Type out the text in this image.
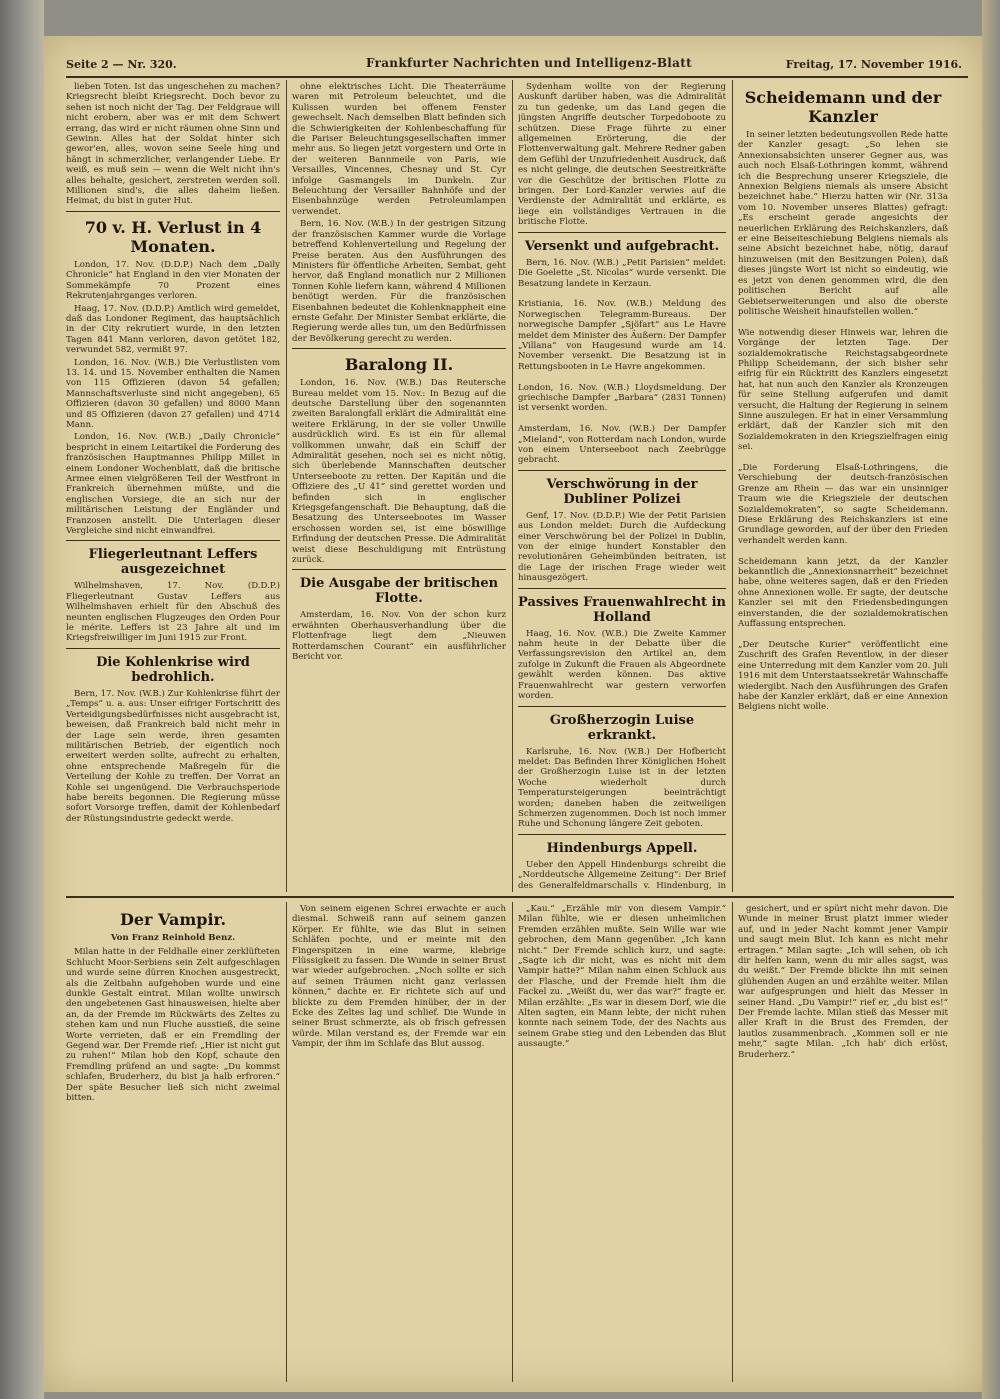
Seite 2 — Nr. 320.	Frankfurter Nachrichten und Intelligenz-Blatt	Freitag, 17. November 1916.

lieben Toten. Ist das ungeschehen zu machen? Kriegsrecht bleibt Kriegsrecht. Doch bevor zu sehen ist noch nicht der Tag. Der Feldgraue will nicht erobern, aber was er mit dem Schwert errang, das wird er nicht räumen ohne Sinn und Gewinn. Alles hat der Soldat hinter sich gewor'en, alles, wovon seine Seele hing und hängt in schmerzlicher, verlangender Liebe. Er weiß, es muß sein — wenn die Welt nicht ihn's alles behalte, gesichert, zerstreten werden soll. Millionen sind's, die alles daheim ließen. Heimat, du bist in guter Hut.

70 v. H. Verlust in 4 Monaten.

London, 17. Nov. (D.D.P.) Nach dem „Daily Chronicle“ hat England in den vier Monaten der Sommekämpfe 70 Prozent eines Rekrutenjahrganges verloren.

Haag, 17. Nov. (D.D.P.) Amtlich wird gemeldet, daß das Londoner Regiment, das hauptsächlich in der City rekrutiert wurde, in den letzten Tagen 841 Mann verloren, davon getötet 182, verwundet 582, vermißt 97.

London, 16. Nov. (W.B.) Die Verlustlisten vom 13. 14. und 15. November enthalten die Namen von 115 Offizieren (davon 54 gefallen; Mannschaftsverluste sind nicht angegeben), 65 Offizieren (davon 30 gefallen) und 8000 Mann und 85 Offizieren (davon 27 gefallen) und 4714 Mann.

London, 16. Nov. (W.B.) „Daily Chronicle“ bespricht in einem Leitartikel die Forderung des französischen Hauptmannes Philipp Millet in einem Londoner Wochenblatt, daß die britische Armee einen vielgrößeren Teil der Westfront in Frankreich übernehmen müßte, und die englischen Vorsiege, die an sich nur der militärischen Leistung der Engländer und Franzosen anstellt. Die Unterlagen dieser Vergleiche sind nicht einwandfrei.

Fliegerleutnant Leffers ausgezeichnet

Wilhelmshaven, 17. Nov. (D.D.P.) Fliegerleutnant Gustav Leffers aus Wilhelmshaven erhielt für den Abschuß des neunten englischen Flugzeuges den Orden Pour le mérite. Leffers ist 23 Jahre alt und im Kriegsfreiwilliger im Juni 1915 zur Front.

Die Kohlenkrise wird bedrohlich.

Bern, 17. Nov. (W.B.) Zur Kohlenkrise führt der „Temps“ u. a. aus: Unser eifriger Fortschritt des Verteidigungsbedürfnisses nicht ausgebracht ist, beweisen, daß Frankreich bald nicht mehr in der Lage sein werde, ihren gesamten militärischen Betrieb, der eigentlich noch erweitert werden sollte, aufrecht zu erhalten, ohne entsprechende Maßregeln für die Verteilung der Kohle zu treffen. Der Vorrat an Kohle sei ungenügend. Die Verbrauchsperiode habe bereits begonnen. Die Regierung müsse sofort Vorsorge treffen, damit der Kohlenbedarf der Rüstungsindustrie gedeckt werde.

ohne elektrisches Licht. Die Theaterräume waren mit Petroleum beleuchtet, und die Kulissen wurden bei offenem Fenster gewechselt. Nach demselben Blatt befinden sich die Schwierigkeiten der Kohlenbeschaffung für die Pariser Beleuchtungsgesellschaften immer mehr aus. So liegen jetzt vorgestern und Orte in der weiteren Bannmeile von Paris, wie Versailles, Vincennes, Chesnay und St. Cyr infolge Gasmangels im Dunkeln. Zur Beleuchtung der Versailler Bahnhöfe und der Eisenbahnzüge werden Petroleumlampen verwendet.

Bern, 16. Nov. (W.B.) In der gestrigen Sitzung der französischen Kammer wurde die Vorlage betreffend Kohlenverteilung und Regelung der Preise beraten. Aus den Ausführungen des Ministers für öffentliche Arbeiten, Sembat, geht hervor, daß England monatlich nur 2 Millionen Tonnen Kohle liefern kann, während 4 Millionen benötigt werden. Für die französischen Eisenbahnen bedeutet die Kohlenknappheit eine ernste Gefahr. Der Minister Sembat erklärte, die Regierung werde alles tun, um den Bedürfnissen der Bevölkerung gerecht zu werden.

Baralong II.

London, 16. Nov. (W.B.) Das Reutersche Bureau meldet vom 15. Nov.: In Bezug auf die deutsche Darstellung über den sogenannten zweiten Baralongfall erklärt die Admiralität eine weitere Erklärung, in der sie voller Unwille ausdrücklich wird. Es ist ein für allemal vollkommen unwahr, daß ein Schiff der Admiralität gesehen, noch sei es nicht nötig, sich überlebende Mannschaften deutscher Unterseeboote zu retten. Der Kapitän und die Offiziere des „U 41“ sind gerettet worden und befinden sich in englischer Kriegsgefangenschaft. Die Behauptung, daß die Besatzung des Unterseebootes im Wasser erschossen worden sei, ist eine böswillige Erfindung der deutschen Presse. Die Admiralität weist diese Beschuldigung mit Entrüstung zurück.

Die Ausgabe der britischen Flotte.

Amsterdam, 16. Nov. Von der schon kurz erwähnten Oberhausverhandlung über die Flottenfrage liegt dem „Nieuwen Rotterdamschen Courant“ ein ausführlicher Bericht vor.

Sydenham wollte von der Regierung Auskunft darüber haben, was die Admiralität zu tun gedenke, um das Land gegen die jüngsten Angriffe deutscher Torpedoboote zu schützen. Diese Frage führte zu einer allgemeinen Erörterung, die der Flottenverwaltung galt. Mehrere Redner gaben dem Gefühl der Unzufriedenheit Ausdruck, daß es nicht gelinge, die deutschen Seestreitkräfte vor die Geschütze der britischen Flotte zu bringen. Der Lord-Kanzler verwies auf die Verdienste der Admiralität und erklärte, es liege ein vollständiges Vertrauen in die britische Flotte.

Versenkt und aufgebracht.

Bern, 16. Nov. (W.B.) „Petit Parisien“ meldet: Die Goelette „St. Nicolas“ wurde versenkt. Die Besatzung landete in Kerzaun.

Kristiania, 16. Nov. (W.B.) Meldung des Norwegischen Telegramm-Bureaus. Der norwegische Dampfer „Sjöfart“ aus Le Havre meldet dem Minister des Äußern: Der Dampfer „Villana“ von Haugesund wurde am 14. November versenkt. Die Besatzung ist in Rettungsbooten in Le Havre angekommen.

London, 16. Nov. (W.B.) Lloydsmeldung. Der griechische Dampfer „Barbara“ (2831 Tonnen) ist versenkt worden.

Amsterdam, 16. Nov. (W.B.) Der Dampfer „Mieland“, von Rotterdam nach London, wurde von einem Unterseeboot nach Zeebrügge gebracht.

Verschwörung in der Dubliner Polizei

Genf, 17. Nov. (D.D.P.) Wie der Petit Parisien aus London meldet: Durch die Aufdeckung einer Verschwörung bei der Polizei in Dublin, von der einige hundert Konstabler den revolutionären Geheimbünden beitraten, ist die Lage der irischen Frage wieder weit hinausgezögert.

Passives Frauenwahlrecht in Holland

Haag, 16. Nov. (W.B.) Die Zweite Kammer nahm heute in der Debatte über die Verfassungsrevision den Artikel an, dem zufolge in Zukunft die Frauen als Abgeordnete gewählt werden können. Das aktive Frauenwahlrecht war gestern verworfen worden.

Großherzogin Luise erkrankt.

Karlsruhe, 16. Nov. (W.B.) Der Hofbericht meldet: Das Befinden Ihrer Königlichen Hoheit der Großherzogin Luise ist in der letzten Woche wiederholt durch Temperatursteigerungen beeinträchtigt worden; daneben haben die zeitweiligen Schmerzen zugenommen. Doch ist noch immer Ruhe und Schonung längere Zeit geboten.

Hindenburgs Appell.

Ueber den Appell Hindenburgs schreibt die „Norddeutsche Allgemeine Zeitung“: Der Brief des Generalfeldmarschalls v. Hindenburg, in

Scheidemann und der Kanzler

In seiner letzten bedeutungsvollen Rede hatte der Kanzler gesagt: „So lehen sie Annexionsabsichten unserer Gegner aus, was auch noch Elsaß-Lothringen kommt, während ich die Besprechung unserer Kriegsziele, die Annexion Belgiens niemals als unsere Absicht bezeichnet habe.“ Hierzu hatten wir (Nr. 313a vom 10. November unseres Blattes) gefragt: „Es erscheint gerade angesichts der neuerlichen Erklärung des Reichskanzlers, daß er eine Beiseiteschiebung Belgiens niemals als seine Absicht bezeichnet habe, nötig, darauf hinzuweisen (mit den Besitzungen Polen), daß dieses jüngste Wort ist nicht so eindeutig, wie es jetzt von denen genommen wird, die den politischen Bericht auf alle Gebietserweiterungen und also die oberste politische Weisheit hinaufstellen wollen.“

Wie notwendig dieser Hinweis war, lehren die Vorgänge der letzten Tage. Der sozialdemokratische Reichstagsabgeordnete Philipp Scheidemann, der sich bisher sehr eifrig für ein Rücktritt des Kanzlers eingesetzt hat, hat nun auch den Kanzler als Kronzeugen für seine Stellung aufgerufen und damit versucht, die Haltung der Regierung in seinem Sinne auszulegen. Er hat in einer Versammlung erklärt, daß der Kanzler sich mit den Sozialdemokraten in den Kriegszielfragen einig sei.

„Die Forderung Elsaß-Lothringens, die Verschiebung der deutsch-französischen Grenze am Rhein — das war ein unsinniger Traum wie die Kriegsziele der deutschen Sozialdemokraten“, so sagte Scheidemann. Diese Erklärung des Reichskanzlers ist eine Grundlage geworden, auf der über den Frieden verhandelt werden kann.

Scheidemann kann jetzt, da der Kanzler bekanntlich die „Annexionsnarrheit“ bezeichnet habe, ohne weiteres sagen, daß er den Frieden ohne Annexionen wolle. Er sagte, der deutsche Kanzler sei mit den Friedensbedingungen einverstanden, die der sozialdemokratischen Auffassung entsprechen.

„Der Deutsche Kurier“ veröffentlicht eine Zuschrift des Grafen Reventlow, in der dieser eine Unterredung mit dem Kanzler vom 20. Juli 1916 mit dem Unterstaatssekretär Wahnschaffe wiedergibt. Nach den Ausführungen des Grafen habe der Kanzler erklärt, daß er eine Annexion Belgiens nicht wolle.

Der Vampir.
Von Franz Reinhold Benz.

Milan hatte in der Feldhalle einer zerklüfteten Schlucht Moor-Serbiens sein Zelt aufgeschlagen und wurde seine dürren Knochen ausgestreckt, als die Zeltbahn aufgehoben wurde und eine dunkle Gestalt eintrat. Milan wollte unwirsch den ungebetenen Gast hinausweisen, hielte aber an, da der Fremde im Rückwärts des Zeltes zu stehen kam und nun Fluche ausstieß, die seine Worte verrieten, daß er ein Fremdling der Gegend war. Der Fremde rief: „Hier ist nicht gut zu ruhen!“ Milan hob den Kopf, schaute den Fremdling prüfend an und sagte: „Du kommst schlafen, Bruderherz, du bist ja halb erfroren.“ Der späte Besucher ließ sich nicht zweimal bitten.

Von seinem eigenen Schrei erwachte er auch diesmal. Schweiß rann auf seinem ganzen Körper. Er fühlte, wie das Blut in seinen Schläfen pochte, und er meinte mit den Fingerspitzen in eine warme, klebrige Flüssigkeit zu fassen. Die Wunde in seiner Brust war wieder aufgebrochen. „Noch sollte er sich auf seinen Träumen nicht ganz verlassen können,“ dachte er. Er richtete sich auf und blickte zu dem Fremden hinüber, der in der Ecke des Zeltes lag und schlief. Die Wunde in seiner Brust schmerzte, als ob frisch gefressen würde. Milan verstand es, der Fremde war ein Vampir, der ihm im Schlafe das Blut aussog.

„Kau.“ „Erzähle mir von diesem Vampir.“ Milan fühlte, wie er diesen unheimlichen Fremden erzählen mußte. Sein Wille war wie gebrochen, dem Mann gegenüber. „Ich kann nicht.“ Der Fremde schlich kurz, und sagte: „Sagte ich dir nicht, was es nicht mit dem Vampir hatte?“ Milan nahm einen Schluck aus der Flasche, und der Fremde hielt ihm die Fackel zu. „Weißt du, wer das war?“ fragte er. Milan erzählte: „Es war in diesem Dorf, wie die Alten sagten, ein Mann lebte, der nicht ruhen konnte nach seinem Tode, der des Nachts aus seinem Grabe stieg und den Lebenden das Blut aussaugte.“

gesichert, und er spürt nicht mehr davon. Die Wunde in meiner Brust platzt immer wieder auf, und in jeder Nacht kommt jener Vampir und saugt mein Blut. Ich kann es nicht mehr ertragen.“ Milan sagte: „Ich will sehen, ob ich dir helfen kann, wenn du mir alles sagst, was du weißt.“ Der Fremde blickte ihn mit seinen glühenden Augen an und erzählte weiter. Milan war aufgesprungen und hielt das Messer in seiner Hand. „Du Vampir!“ rief er, „du bist es!“ Der Fremde lachte. Milan stieß das Messer mit aller Kraft in die Brust des Fremden, der lautlos zusammenbrach. „Kommen soll er nie mehr,“ sagte Milan. „Ich hab' dich erlöst, Bruderherz.“
